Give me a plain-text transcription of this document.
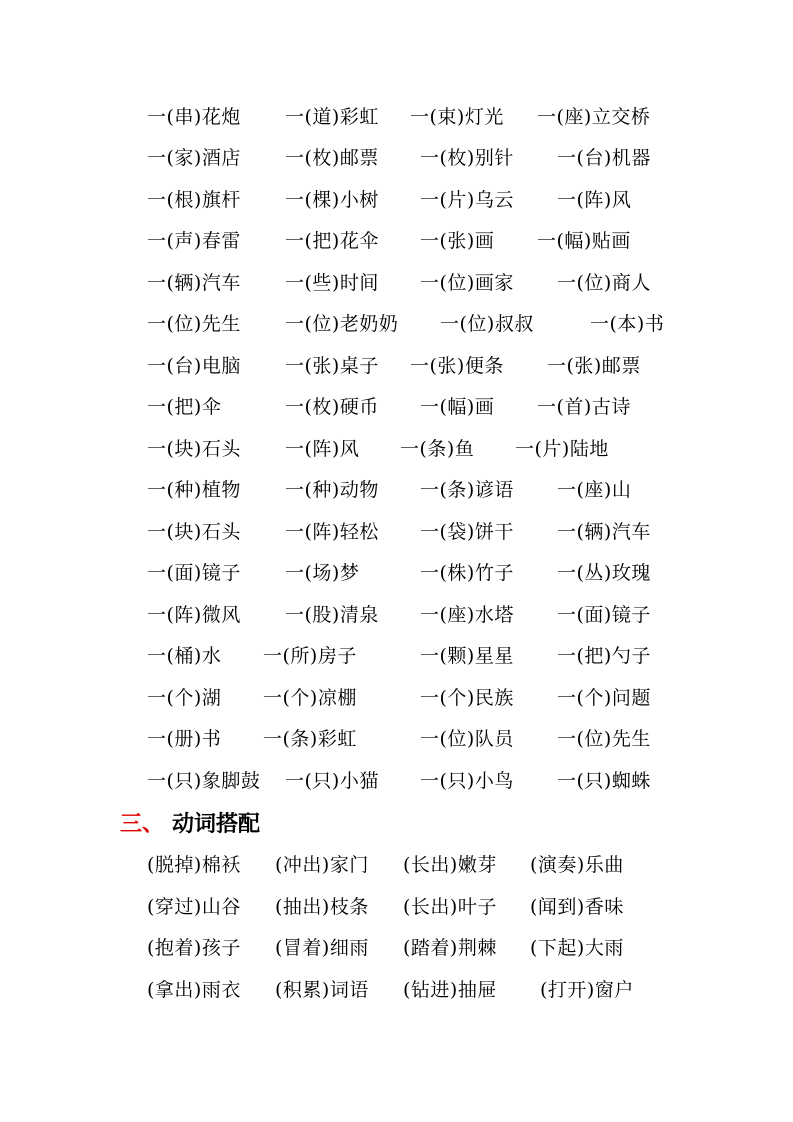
一(串)花炮 一(道)彩虹 一(束)灯光 一(座)立交桥
一(家)酒店 一(枚)邮票 一(枚)别针 一(台)机器
一(根)旗杆 一(棵)小树 一(片)乌云 一(阵)风
一(声)春雷 一(把)花伞 一(张)画 一(幅)贴画
一(辆)汽车 一(些)时间 一(位)画家 一(位)商人
一(位)先生 一(位)老奶奶 一(位)叔叔	一(本)书
一(台)电脑 一(张)桌子 一(张)便条 一(张)邮票
一(把)伞	一(枚)硬币 一(幅)画 一(首)古诗
一(块)石头 一(阵)风 一(条)鱼 一(片)陆地
一(种)植物 一(种)动物 一(条)谚语 一(座)山
一(块)石头 一(阵)轻松 一(袋)饼干 一(辆)汽车
一(面)镜子 一(场)梦	一(株)竹子 一(丛)玫瑰
一(阵)微风 一(股)清泉 一(座)水塔 一(面)镜子
一(桶)水 一(所)房子	一(颗)星星 一(把)勺子
一(个)湖 一(个)凉棚	一(个)民族 一(个)问题
一(册)书 一(条)彩虹	一(位)队员 一(位)先生
一(只)象脚鼓 一(只)小猫 一(只)小鸟 一(只)蜘蛛
三、 动词搭配
(脱掉)棉袄 (冲出)家门 (长出)嫩芽 (演奏)乐曲
(穿过)山谷 (抽出)枝条 (长出)叶子 (闻到)香味
(抱着)孩子 (冒着)细雨 (踏着)荆棘 (下起)大雨
(拿出)雨衣 (积累)词语 (钻进)抽屉 (打开)窗户
